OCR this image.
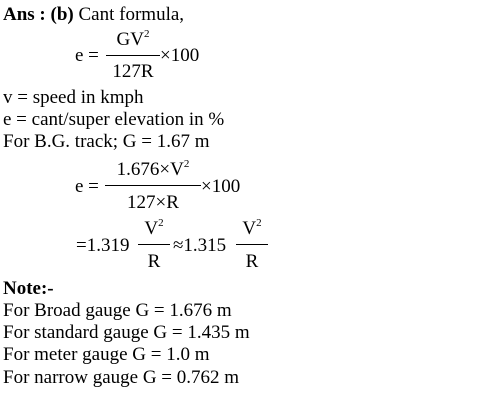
Ans : (b) Cant formula,
e =
$GV^2$
127R
×100
v = speed in kmph
e = cant/super elevation in %
For B.G. track; G = 1.67 m
e =
$1.676\times V^2$
127×R
×100
=1.319
$V^2$
R
≈1.315
$V^2$
R
Note:-
For Broad gauge G = 1.676 m
For standard gauge G = 1.435 m
For meter gauge G = 1.0 m
For narrow gauge G = 0.762 m
